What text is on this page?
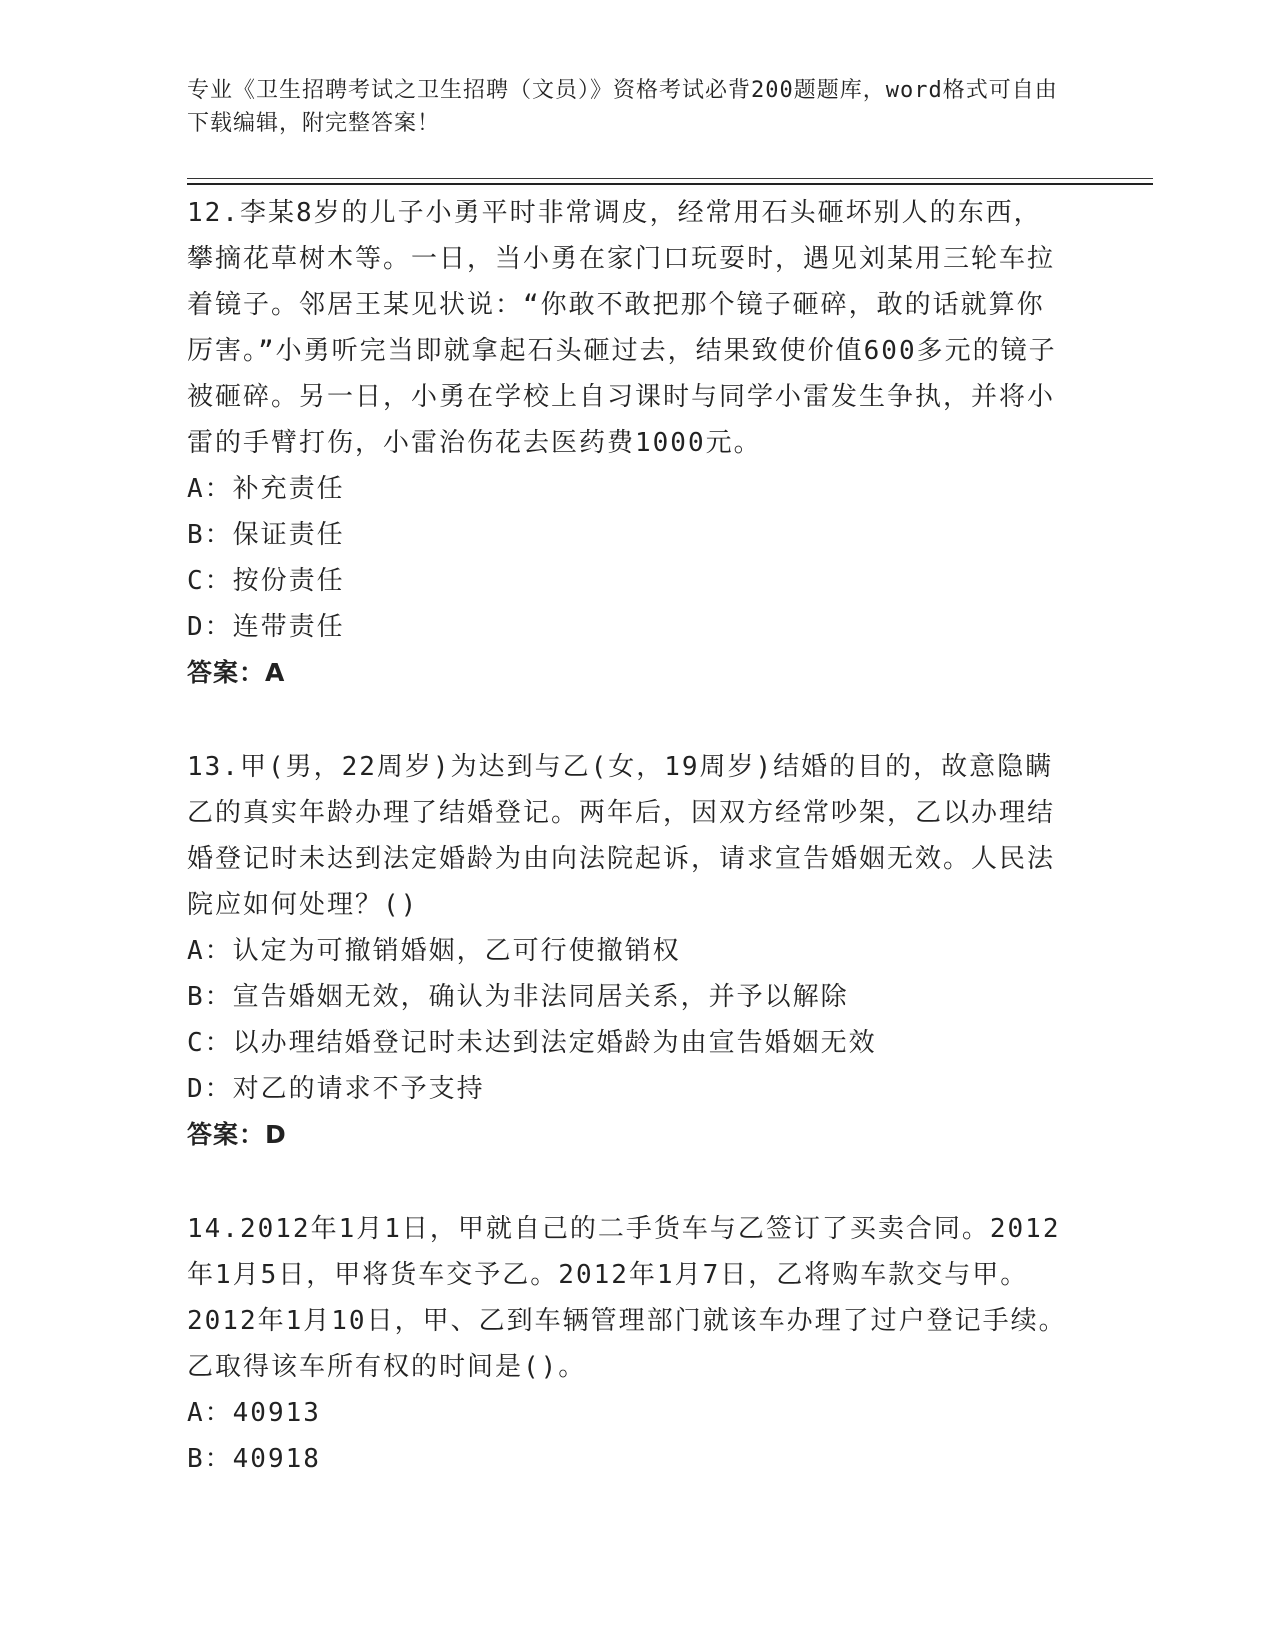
专业《卫生招聘考试之卫生招聘（文员）》资格考试必背200题题库，word格式可自由下载编辑，附完整答案！

12.李某8岁的儿子小勇平时非常调皮，经常用石头砸坏别人的东西，攀摘花草树木等。一日，当小勇在家门口玩耍时，遇见刘某用三轮车拉着镜子。邻居王某见状说：“你敢不敢把那个镜子砸碎，敢的话就算你厉害。”小勇听完当即就拿起石头砸过去，结果致使价值600多元的镜子被砸碎。另一日，小勇在学校上自习课时与同学小雷发生争执，并将小雷的手臂打伤，小雷治伤花去医药费1000元。

A：补充责任

B：保证责任

C：按份责任

D：连带责任

答案：A

13.甲(男，22周岁)为达到与乙(女，19周岁)结婚的目的，故意隐瞒乙的真实年龄办理了结婚登记。两年后，因双方经常吵架，乙以办理结婚登记时未达到法定婚龄为由向法院起诉，请求宣告婚姻无效。人民法院应如何处理？()

A：认定为可撤销婚姻，乙可行使撤销权

B：宣告婚姻无效，确认为非法同居关系，并予以解除

C：以办理结婚登记时未达到法定婚龄为由宣告婚姻无效

D：对乙的请求不予支持

答案：D

14.2012年1月1日，甲就自己的二手货车与乙签订了买卖合同。2012年1月5日，甲将货车交予乙。2012年1月7日，乙将购车款交与甲。2012年1月10日，甲、乙到车辆管理部门就该车办理了过户登记手续。乙取得该车所有权的时间是()。

A：40913

B：40918
